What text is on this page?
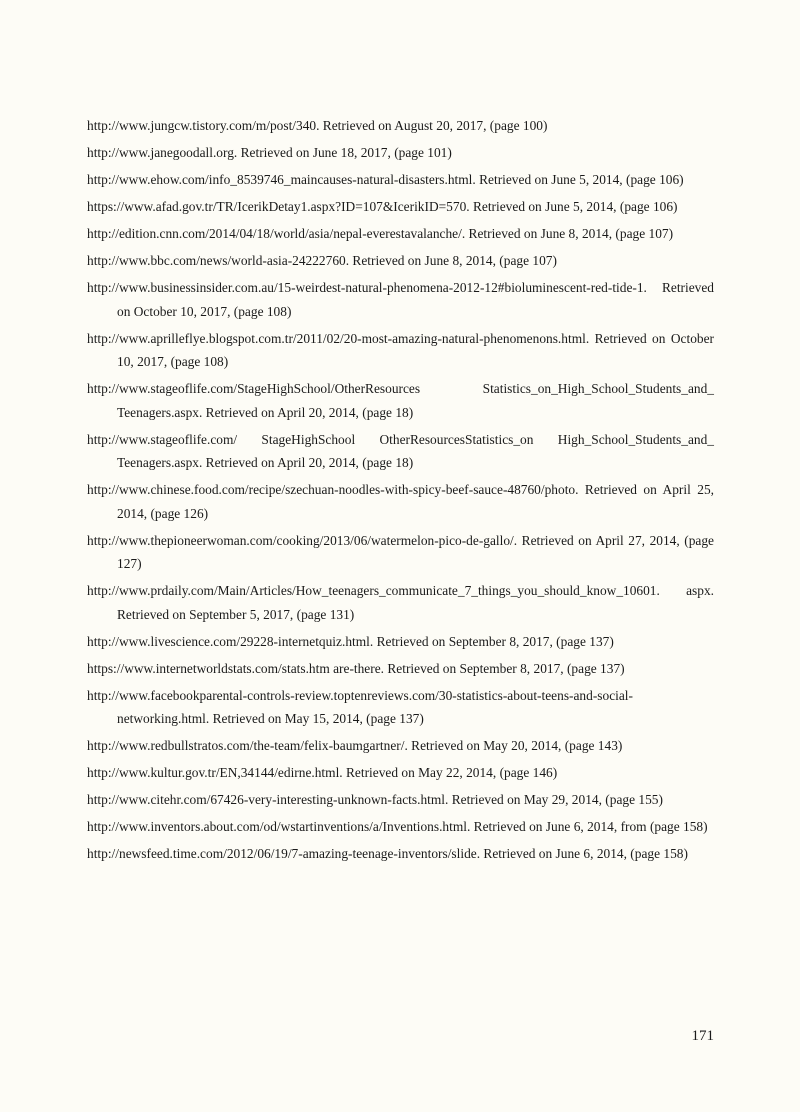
http://www.jungcw.tistory.com/m/post/340. Retrieved on August 20, 2017, (page 100)
http://www.janegoodall.org. Retrieved on June 18, 2017, (page 101)
http://www.ehow.com/info_8539746_maincauses-natural-disasters.html. Retrieved on June 5, 2014, (page 106)
https://www.afad.gov.tr/TR/IcerikDetay1.aspx?ID=107&IcerikID=570. Retrieved on June 5, 2014, (page 106)
http://edition.cnn.com/2014/04/18/world/asia/nepal-everestavalanche/. Retrieved on June 8, 2014, (page 107)
http://www.bbc.com/news/world-asia-24222760. Retrieved on June 8, 2014, (page 107)
http://www.businessinsider.com.au/15-weirdest-natural-phenomena-2012-12#bioluminescent-red-tide-1. Retrieved on October 10, 2017, (page 108)
http://www.aprilleflye.blogspot.com.tr/2011/02/20-most-amazing-natural-phenomenons.html. Retrieved on October 10, 2017, (page 108)
http://www.stageoflife.com/StageHighSchool/OtherResources Statistics_on_High_School_Students_and_ Teenagers.aspx. Retrieved on April 20, 2014, (page 18)
http://www.stageoflife.com/ StageHighSchool OtherResourcesStatistics_on High_School_Students_and_ Teenagers.aspx. Retrieved on April 20, 2014, (page 18)
http://www.chinese.food.com/recipe/szechuan-noodles-with-spicy-beef-sauce-48760/photo. Retrieved on April 25, 2014, (page 126)
http://www.thepioneerwoman.com/cooking/2013/06/watermelon-pico-de-gallo/. Retrieved on April 27, 2014, (page 127)
http://www.prdaily.com/Main/Articles/How_teenagers_communicate_7_things_you_should_know_10601. aspx. Retrieved on September 5, 2017, (page 131)
http://www.livescience.com/29228-internetquiz.html. Retrieved on September 8, 2017, (page 137)
https://www.internetworldstats.com/stats.htm are-there. Retrieved on September 8, 2017, (page 137)
http://www.facebookparental-controls-review.toptenreviews.com/30-statistics-about-teens-and-social-networking.html. Retrieved on May 15, 2014, (page 137)
http://www.redbullstratos.com/the-team/felix-baumgartner/. Retrieved on May 20, 2014, (page 143)
http://www.kultur.gov.tr/EN,34144/edirne.html. Retrieved on May 22, 2014, (page 146)
http://www.citehr.com/67426-very-interesting-unknown-facts.html. Retrieved on May 29, 2014, (page 155)
http://www.inventors.about.com/od/wstartinventions/a/Inventions.html. Retrieved on June 6, 2014, from (page 158)
http://newsfeed.time.com/2012/06/19/7-amazing-teenage-inventors/slide. Retrieved on June 6, 2014, (page 158)
171
